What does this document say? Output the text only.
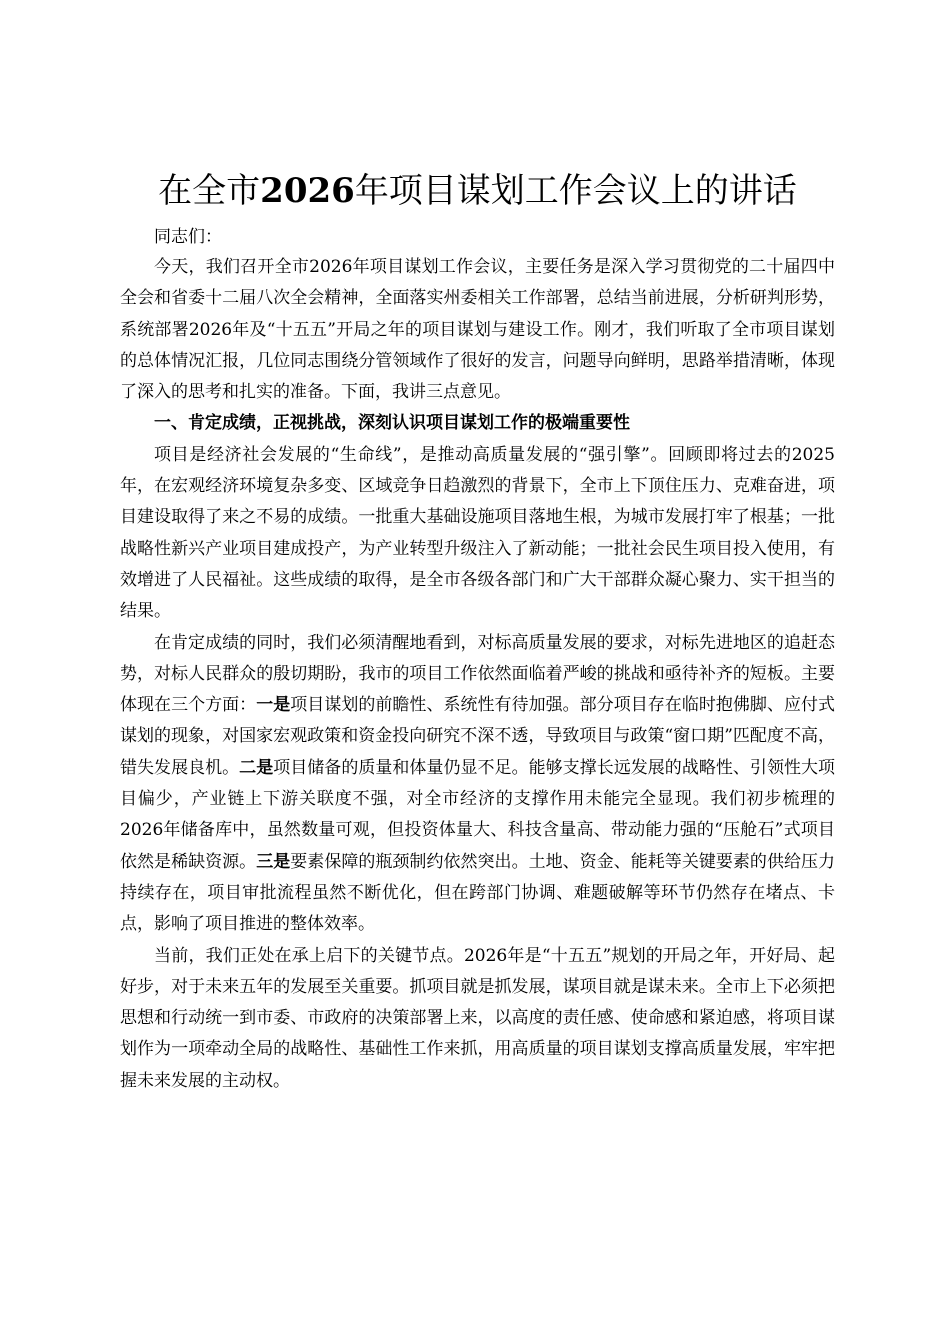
在全市2026年项目谋划工作会议上的讲话

同志们：

今天，我们召开全市2026年项目谋划工作会议，主要任务是深入学习贯彻党的二十届四中全会和省委十二届八次全会精神，全面落实州委相关工作部署，总结当前进展，分析研判形势，系统部署2026年及“十五五”开局之年的项目谋划与建设工作。刚才，我们听取了全市项目谋划的总体情况汇报，几位同志围绕分管领域作了很好的发言，问题导向鲜明，思路举措清晰，体现了深入的思考和扎实的准备。下面，我讲三点意见。

一、肯定成绩，正视挑战，深刻认识项目谋划工作的极端重要性

项目是经济社会发展的“生命线”，是推动高质量发展的“强引擎”。回顾即将过去的2025年，在宏观经济环境复杂多变、区域竞争日趋激烈的背景下，全市上下顶住压力、克难奋进，项目建设取得了来之不易的成绩。一批重大基础设施项目落地生根，为城市发展打牢了根基；一批战略性新兴产业项目建成投产，为产业转型升级注入了新动能；一批社会民生项目投入使用，有效增进了人民福祉。这些成绩的取得，是全市各级各部门和广大干部群众凝心聚力、实干担当的结果。

在肯定成绩的同时，我们必须清醒地看到，对标高质量发展的要求，对标先进地区的追赶态势，对标人民群众的殷切期盼，我市的项目工作依然面临着严峻的挑战和亟待补齐的短板。主要体现在三个方面：一是项目谋划的前瞻性、系统性有待加强。部分项目存在临时抱佛脚、应付式谋划的现象，对国家宏观政策和资金投向研究不深不透，导致项目与政策“窗口期”匹配度不高，错失发展良机。二是项目储备的质量和体量仍显不足。能够支撑长远发展的战略性、引领性大项目偏少，产业链上下游关联度不强，对全市经济的支撑作用未能完全显现。我们初步梳理的2026年储备库中，虽然数量可观，但投资体量大、科技含量高、带动能力强的“压舱石”式项目依然是稀缺资源。三是要素保障的瓶颈制约依然突出。土地、资金、能耗等关键要素的供给压力持续存在，项目审批流程虽然不断优化，但在跨部门协调、难题破解等环节仍然存在堵点、卡点，影响了项目推进的整体效率。

当前，我们正处在承上启下的关键节点。2026年是“十五五”规划的开局之年，开好局、起好步，对于未来五年的发展至关重要。抓项目就是抓发展，谋项目就是谋未来。全市上下必须把思想和行动统一到市委、市政府的决策部署上来，以高度的责任感、使命感和紧迫感，将项目谋划作为一项牵动全局的战略性、基础性工作来抓，用高质量的项目谋划支撑高质量发展，牢牢把握未来发展的主动权。
